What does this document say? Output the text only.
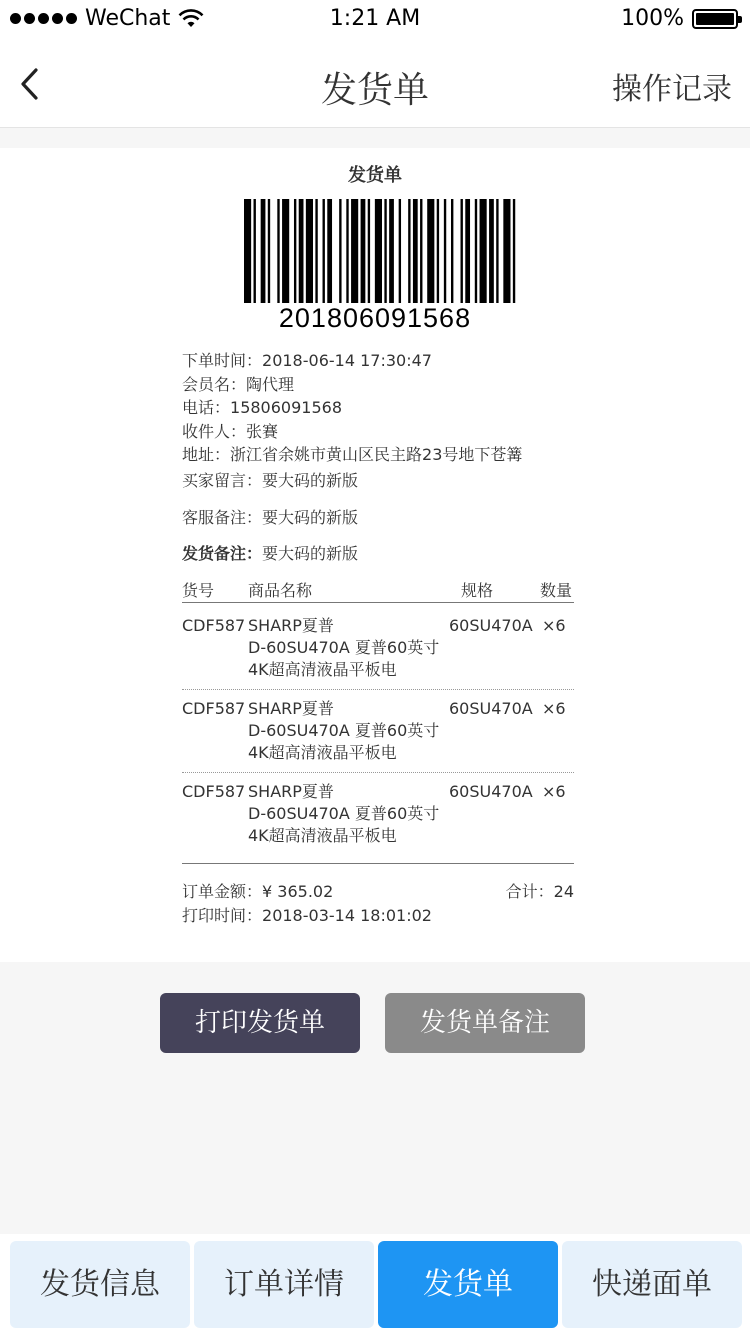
WeChat	1:21 AM	100%
发货单	操作记录
发货单
201806091568
下单时间：2018-06-14 17:30:47
会员名：陶代理
电话：15806091568
收件人：张賽
地址：浙江省余姚市黄山区民主路23号地下苍篝
买家留言：要大码的新版
客服备注：要大码的新版
发货备注：要大码的新版
货号 商品名称	规格	数量
CDF587 SHARP夏普
D-60SU470A 夏普60英寸
4K超高清液晶平板电
60SU470A ×6
CDF587 SHARP夏普
D-60SU470A 夏普60英寸
4K超高清液晶平板电
60SU470A ×6
CDF587 SHARP夏普
D-60SU470A 夏普60英寸
4K超高清液晶平板电
60SU470A ×6
订单金额：¥ 365.02	合计：24
打印时间：2018-03-14 18:01:02
打印发货单	发货单备注
发货信息	订单详情	发货单	快递面单
